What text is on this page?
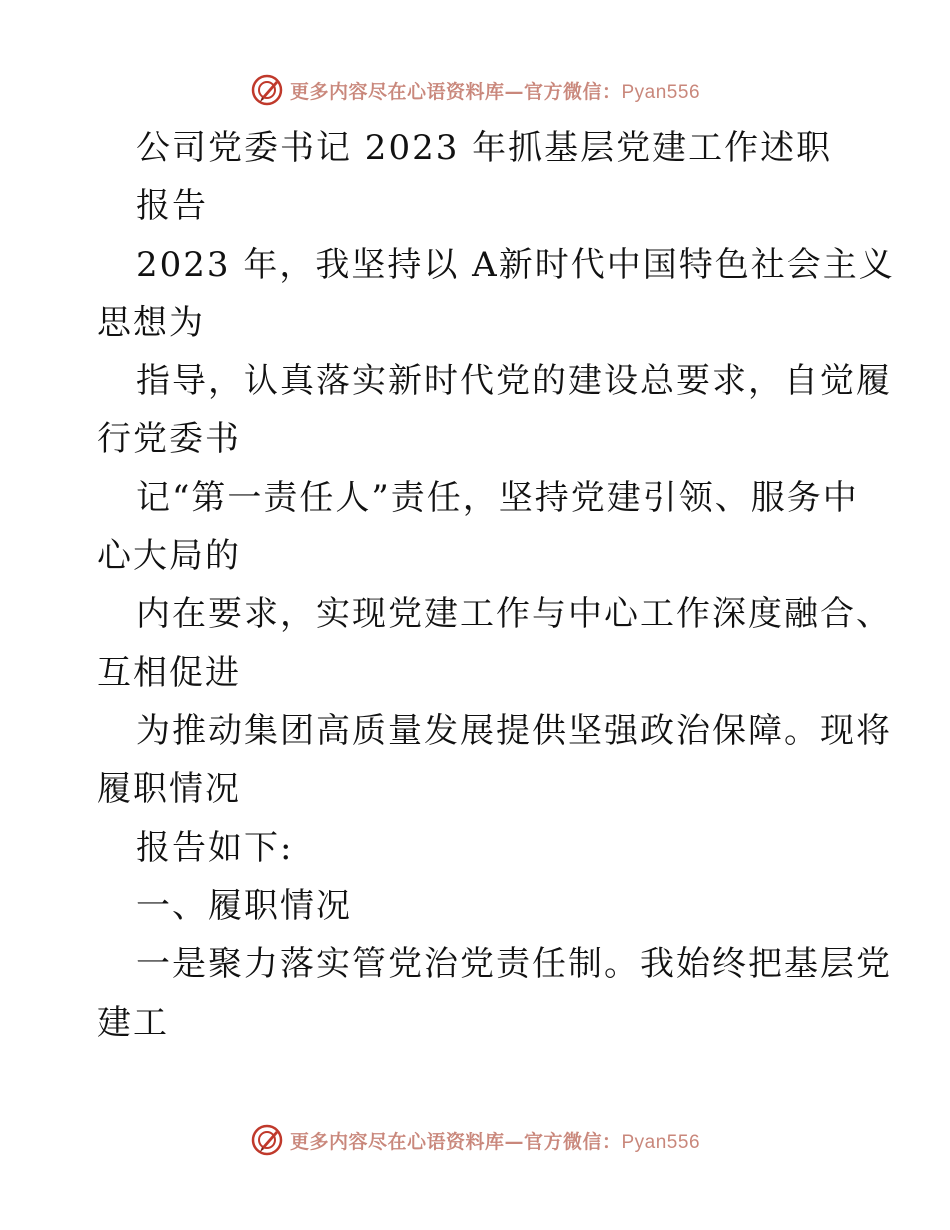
更多内容尽在心语资料库—官方微信：Pyan556
公司党委书记 2023 年抓基层党建工作述职
报告
2023 年，我坚持以 A新时代中国特色社会主义
思想为
指导，认真落实新时代党的建设总要求，自觉履
行党委书
记“第一责任人”责任，坚持党建引领、服务中
心大局的
内在要求，实现党建工作与中心工作深度融合、
互相促进
为推动集团高质量发展提供坚强政治保障。现将
履职情况
报告如下:
一、履职情况
一是聚力落实管党治党责任制。我始终把基层党
建工
更多内容尽在心语资料库—官方微信：Pyan556
